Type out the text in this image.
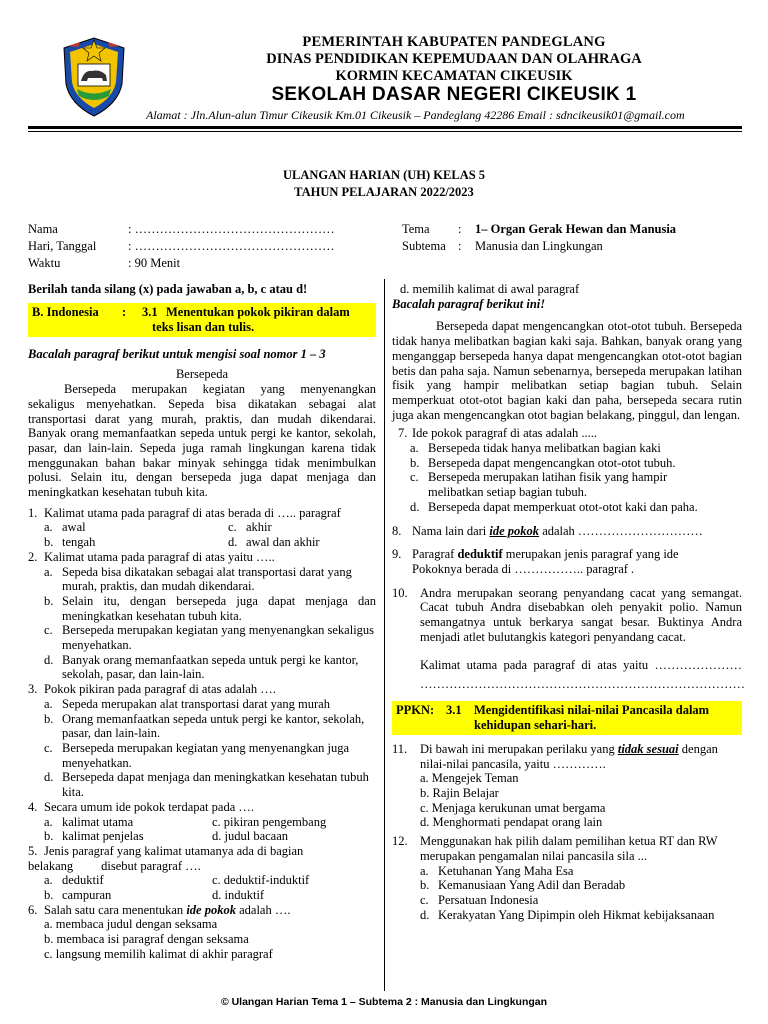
PEMERINTAH KABUPATEN PANDEGLANG
DINAS PENDIDIKAN KEPEMUDAAN DAN OLAHRAGA
KORMIN KECAMATAN CIKEUSIK
SEKOLAH DASAR NEGERI CIKEUSIK 1
Alamat : Jln.Alun-alun Timur Cikeusik Km.01 Cikeusik – Pandeglang 42286 Email : sdncikeusik01@gmail.com
ULANGAN HARIAN (UH) KELAS 5
TAHUN PELAJARAN 2022/2023
Nama	: …………………………………………
Hari, Tanggal	: …………………………………………
Waktu	: 90 Menit
Tema : 1– Organ Gerak Hewan dan Manusia
Subtema : Manusia dan Lingkungan

Berilah tanda silang (x) pada jawaban a, b, c atau d!

B. Indonesia : 3.1 Menentukan pokok pikiran dalam
teks lisan dan tulis.

Bacalah paragraf berikut untuk mengisi soal nomor 1 – 3

Bersepeda

Bersepeda merupakan kegiatan yang menyenangkan sekaligus menyehatkan. Sepeda bisa dikatakan sebagai alat transportasi darat yang murah, praktis, dan mudah dikendarai. Banyak orang memanfaatkan sepeda untuk pergi ke kantor, sekolah, pasar, dan lain-lain. Sepeda juga ramah lingkungan karena tidak menggunakan bahan bakar minyak sehingga tidak menimbulkan polusi. Selain itu, dengan bersepeda juga dapat menjaga dan meningkatkan kesehatan tubuh kita.

1. Kalimat utama pada paragraf di atas berada di ….. paragraf
a. awal	c. akhir
b. tengah	d. awal dan akhir
2. Kalimat utama pada paragraf di atas yaitu …..
a. Sepeda bisa dikatakan sebagai alat transportasi darat yang murah, praktis, dan mudah dikendarai.
b. Selain itu, dengan bersepeda juga dapat menjaga dan meningkatkan kesehatan tubuh kita.
c. Bersepeda merupakan kegiatan yang menyenangkan sekaligus menyehatkan.
d. Banyak orang memanfaatkan sepeda untuk pergi ke kantor, sekolah, pasar, dan lain-lain.
3. Pokok pikiran pada paragraf di atas adalah ….
a. Sepeda merupakan alat transportasi darat yang murah
b. Orang memanfaatkan sepeda untuk pergi ke kantor, sekolah, pasar, dan lain-lain.
c. Bersepeda merupakan kegiatan yang menyenangkan juga menyehatkan.
d. Bersepeda dapat menjaga dan meningkatkan kesehatan tubuh kita.
4. Secara umum ide pokok terdapat pada ….
a. kalimat utama	c. pikiran pengembang
b. kalimat penjelas	d. judul bacaan
5. Jenis paragraf yang kalimat utamanya ada di bagian
belakang disebut paragraf ….
a. deduktif	c. deduktif-induktif
b. campuran	d. induktif
6. Salah satu cara menentukan ide pokok adalah ….
a. membaca judul dengan seksama
b. membaca isi paragraf dengan seksama
c. langsung memilih kalimat di akhir paragraf
d. memilih kalimat di awal paragraf

Bacalah paragraf berikut ini!

Bersepeda dapat mengencangkan otot-otot tubuh. Bersepeda tidak hanya melibatkan bagian kaki saja. Bahkan, banyak orang yang menganggap bersepeda hanya dapat mengencangkan otot-otot bagian betis dan paha saja. Namun sebenarnya, bersepeda merupakan latihan fisik yang hampir melibatkan setiap bagian tubuh. Selain memperkuat otot-otot bagian kaki dan paha, bersepeda secara rutin juga akan mengencangkan otot bagian belakang, pinggul, dan lengan.

7. Ide pokok paragraf di atas adalah .....
a. Bersepeda tidak hanya melibatkan bagian kaki
b. Bersepeda dapat mengencangkan otot-otot tubuh.
c. Bersepeda merupakan latihan fisik yang hampir melibatkan setiap bagian tubuh.
d. Bersepeda dapat memperkuat otot-otot kaki dan paha.
8. Nama lain dari ide pokok adalah …………………………
9. Paragraf deduktif merupakan jenis paragraf yang ide Pokoknya berada di …………….. paragraf .
10. Andra merupakan seorang penyandang cacat yang semangat. Cacat tubuh Andra disebabkan oleh penyakit polio. Namun semangatnya untuk berkarya sangat besar. Buktinya Andra menjadi atlet bulutangkis kategori penyandang cacat.
Kalimat utama pada paragraf di atas yaitu …………………
……………………………………………………………………
PPKN : 3.1 Mengidentifikasi nilai-nilai Pancasila dalam
kehidupan sehari-hari.
11.	Di bawah ini merupakan perilaku yang tidak sesuai dengan nilai-nilai pancasila, yaitu ………….
a. Mengejek Teman
b. Rajin Belajar
c. Menjaga kerukunan umat bergama
d. Menghormati pendapat orang lain
12. Menggunakan hak pilih dalam pemilihan ketua RT dan RW merupakan pengamalan nilai pancasila sila ...
a. Ketuhanan Yang Maha Esa
b. Kemanusiaan Yang Adil dan Beradab
c. Persatuan Indonesia
d. Kerakyatan Yang Dipimpin oleh Hikmat kebijaksanaan
© Ulangan Harian Tema 1 – Subtema 2 : Manusia dan Lingkungan
